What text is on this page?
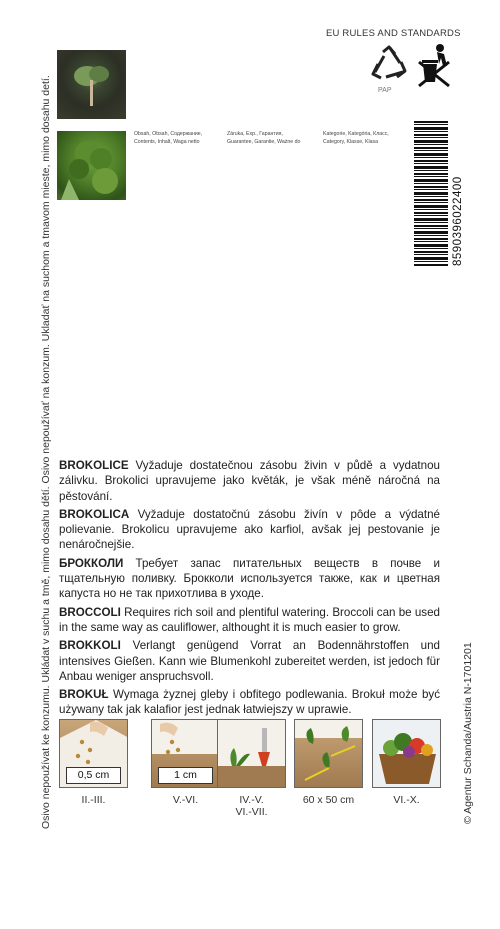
Osivo nepoužívat ke konzumu. Ukládat v suchu a tmě, mimo dosahu dětí. Osivo nepoužívať na konzum. Ukladať na suchom a tmavom mieste, mimo dosahu detí.	© Agentur Schanda/Austria N-1701201
EU RULES AND STANDARDS
PAP
Obsah, Obsah, Содержание,
Contents, Inhalt, Waga netto
Záruka, Exp., Гарантия,
Guarantee, Garantie, Ważne do
Kategorie, Kategória, Класс,
Category, Klasse, Klasa
8590396022400

BROKOLICE Vyžaduje dostatečnou zásobu živin v půdě a vydatnou zálivku. Brokolici upravujeme jako květák, je však méně náročná na pěstování.

BROKOLICA Vyžaduje dostatočnú zásobu živín v pôde a výdatné polievanie. Brokolicu upravujeme ako karfiol, avšak jej pestovanie je nenáročnejšie.

БРОККОЛИ Требует запас питательных веществ в почве и тщательную поливку. Брокколи используется также, как и цветная капуста но не так прихотлива в уходе.

BROCCOLI Requires rich soil and plentiful watering. Broccoli can be used in the same way as cauliflower, althought it is much easier to grow.

BROKKOLI Verlangt genügend Vorrat an Bodennährstoffen und intensives Gießen. Kann wie Blumenkohl zubereitet werden, ist jedoch für Anbau weniger anspruchsvoll.

BROKUŁ Wymaga żyznej gleby i obfitego podlewania. Brokuł może być używany tak jak kalafior jest jednak łatwiejszy w uprawie.

0,5 cm	1 cm
II.-III.	V.-VI.	IV.-V.
VI.-VII.
60 x 50 cm	VI.-X.
